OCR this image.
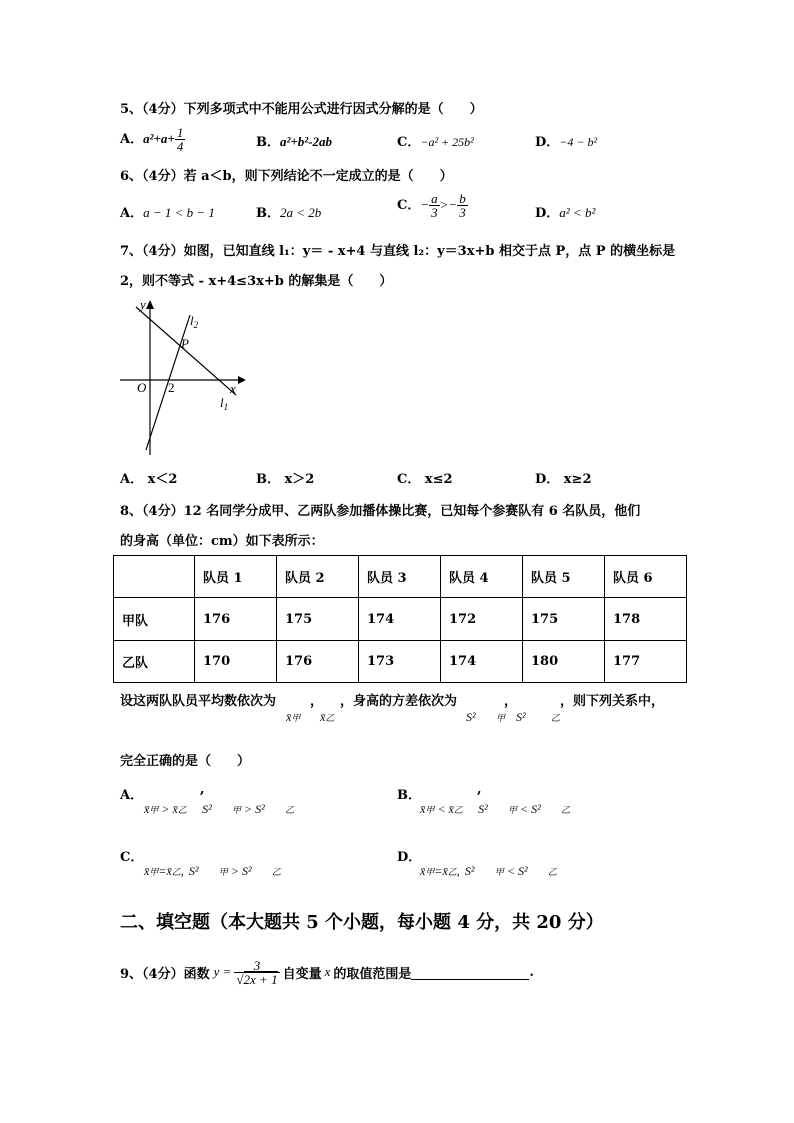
5、（4分）下列多项式中不能用公式进行因式分解的是（　　）
A．$a^2+a+ \frac{1}{4}$	B．a²+b²-2ab	C．−a² + 25b²	D．−4 − b²
6、（4分）若 a＜b，则下列结论不一定成立的是（　　）
A．a − 1 < b − 1	B．2a < 2b	C．− $\frac{a}{3} >- \frac{b}{3}$	D．a² < b²
7、（4分）如图，已知直线 l₁：y＝ - x+4 与直线 l₂：y＝3x+b 相交于点 P，点 P 的横坐标是
2，则不等式 - x+4≤3x+b 的解集是（　　）
y
x
O 2
P
$l_2$
$l_1$
A． x＜2	B． x＞2	C． x≤2	D． x≥2
8、（4分）12 名同学分成甲、乙两队参加播体操比赛，已知每个参赛队有 6 名队员，他们
的身高（单位：cm）如下表所示：
	队员 1	队员 2	队员 3	队员 4	队员 5	队员 6
甲队	176	175	174	172	175	178
乙队	170	176	173	174	180	177
设这两队队员平均数依次为	， ，身高的方差依次为	，	，则下列关系中，
x̄甲 x̄乙	S² 甲 S²	乙
完全正确的是（　　）
A．	,
x̄甲 > x̄乙 S² 甲 > S² 乙
B．	,
x̄甲 < x̄乙 S² 甲 < S² 乙
C．
x̄甲=x̄乙, S² 甲 > S² 乙
D．
x̄甲=x̄乙, S² 甲 < S² 乙
二、填空题（本大题共 5 个小题，每小题 4 分，共 20 分）
9、（4分）函数 $y = \frac{3}{√2x + 1}$ 自变量 x 的取值范围是	.
